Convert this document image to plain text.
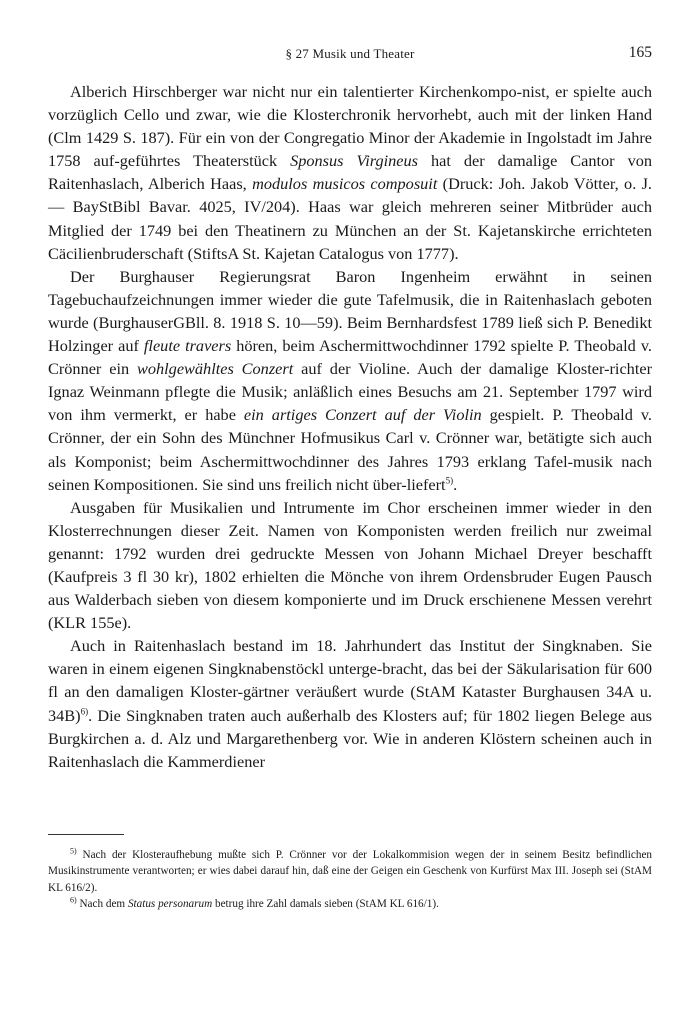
§ 27 Musik und Theater	165

Alberich Hirschberger war nicht nur ein talentierter Kirchenkompo-nist, er spielte auch vorzüglich Cello und zwar, wie die Klosterchronik hervorhebt, auch mit der linken Hand (Clm 1429 S. 187). Für ein von der Congregatio Minor der Akademie in Ingolstadt im Jahre 1758 auf-geführtes Theaterstück Sponsus Virgineus hat der damalige Cantor von Raitenhaslach, Alberich Haas, modulos musicos composuit (Druck: Joh. Jakob Vötter, o. J. — BayStBibl Bavar. 4025, IV/204). Haas war gleich mehreren seiner Mitbrüder auch Mitglied der 1749 bei den Theatinern zu München an der St. Kajetanskirche errichteten Cäcilienbruderschaft (StiftsA St. Kajetan Catalogus von 1777).

Der Burghauser Regierungsrat Baron Ingenheim erwähnt in seinen Tagebuchaufzeichnungen immer wieder die gute Tafelmusik, die in Raitenhaslach geboten wurde (BurghauserGBll. 8. 1918 S. 10—59). Beim Bernhardsfest 1789 ließ sich P. Benedikt Holzinger auf fleute travers hören, beim Aschermittwochdinner 1792 spielte P. Theobald v. Crönner ein wohlgewähltes Conzert auf der Violine. Auch der damalige Kloster-richter Ignaz Weinmann pflegte die Musik; anläßlich eines Besuchs am 21. September 1797 wird von ihm vermerkt, er habe ein artiges Conzert auf der Violin gespielt. P. Theobald v. Crönner, der ein Sohn des Münchner Hofmusikus Carl v. Crönner war, betätigte sich auch als Komponist; beim Aschermittwochdinner des Jahres 1793 erklang Tafel-musik nach seinen Kompositionen. Sie sind uns freilich nicht über-liefert$^{5)}$.

Ausgaben für Musikalien und Intrumente im Chor erscheinen immer wieder in den Klosterrechnungen dieser Zeit. Namen von Komponisten werden freilich nur zweimal genannt: 1792 wurden drei gedruckte Messen von Johann Michael Dreyer beschafft (Kaufpreis 3 fl 30 kr), 1802 erhielten die Mönche von ihrem Ordensbruder Eugen Pausch aus Walderbach sieben von diesem komponierte und im Druck erschienene Messen verehrt (KLR 155e).

Auch in Raitenhaslach bestand im 18. Jahrhundert das Institut der Singknaben. Sie waren in einem eigenen Singknabenstöckl unterge-bracht, das bei der Säkularisation für 600 fl an den damaligen Kloster-gärtner veräußert wurde (StAM Kataster Burghausen 34A u. 34B)$^{6)}$. Die Singknaben traten auch außerhalb des Klosters auf; für 1802 liegen Belege aus Burgkirchen a. d. Alz und Margarethenberg vor. Wie in anderen Klöstern scheinen auch in Raitenhaslach die Kammerdiener

$^{5)}$ Nach der Klosteraufhebung mußte sich P. Crönner vor der Lokalkommision wegen der in seinem Besitz befindlichen Musikinstrumente verantworten; er wies dabei darauf hin, daß eine der Geigen ein Geschenk von Kurfürst Max III. Joseph sei (StAM KL 616/2).

$^{6)}$ Nach dem Status personarum betrug ihre Zahl damals sieben (StAM KL 616/1).
